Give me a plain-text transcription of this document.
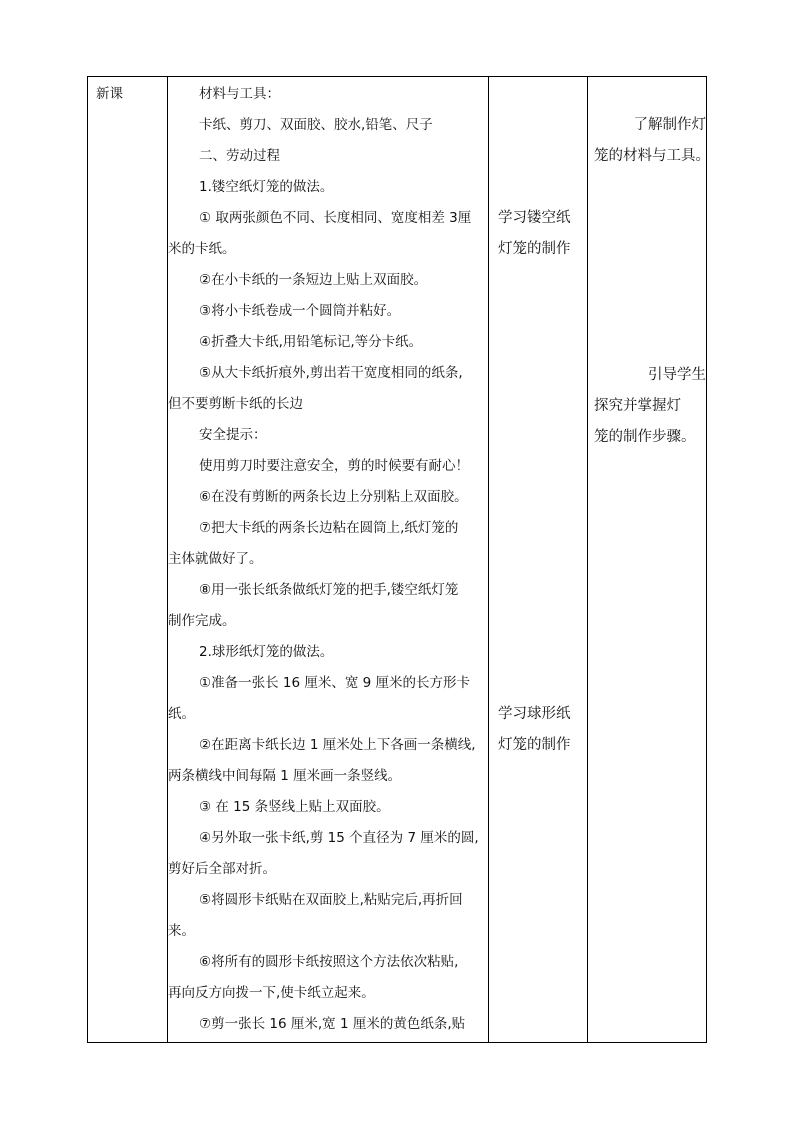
新课	材料与工具：

卡纸、剪刀、双面胶、胶水,铅笔、尺子

二、劳动过程

1.镂空纸灯笼的做法。

① 取两张颜色不同、长度相同、宽度相差 3厘

米的卡纸。

②在小卡纸的一条短边上贴上双面胶。

③将小卡纸卷成一个圆筒并粘好。

④折叠大卡纸,用铅笔标记,等分卡纸。

⑤从大卡纸折痕外,剪出若干宽度相同的纸条,

但不要剪断卡纸的长边

安全提示：

使用剪刀时要注意安全，剪的时候要有耐心！

⑥在没有剪断的两条长边上分别粘上双面胶。

⑦把大卡纸的两条长边粘在圆筒上,纸灯笼的

主体就做好了。

⑧用一张长纸条做纸灯笼的把手,镂空纸灯笼

制作完成。

2.球形纸灯笼的做法。

①准备一张长 16 厘米、宽 9 厘米的长方形卡

纸。

②在距离卡纸长边 1 厘米处上下各画一条横线,

两条横线中间每隔 1 厘米画一条竖线。

③ 在 15 条竖线上贴上双面胶。

④另外取一张卡纸,剪 15 个直径为 7 厘米的圆,

剪好后全部对折。

⑤将圆形卡纸贴在双面胶上,粘贴完后,再折回

来。

⑥将所有的圆形卡纸按照这个方法依次粘贴,

再向反方向拨一下,使卡纸立起来。

⑦剪一张长 16 厘米,宽 1 厘米的黄色纸条,贴

学习镂空纸

灯笼的制作

学习球形纸

灯笼的制作

了解制作灯

笼的材料与工具。

引导学生

探究并掌握灯

笼的制作步骤。
